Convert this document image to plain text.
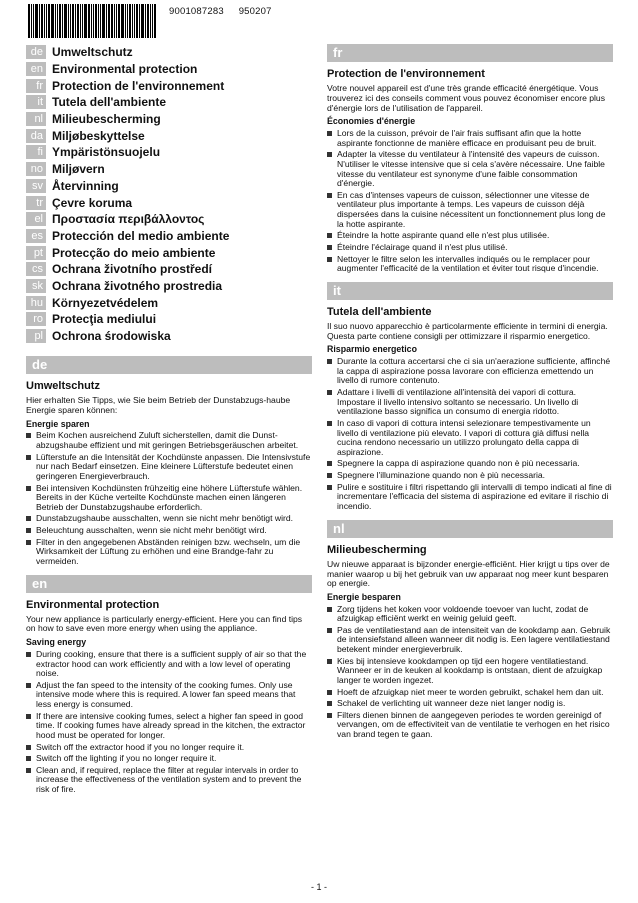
9001087283 950207
de Umweltschutz
en Environmental protection
fr Protection de l'environnement
it Tutela dell'ambiente
nl Milieubescherming
da Miljøbeskyttelse
fi Ympäristönsuojelu
no Miljøvern
sv Återvinning
tr Çevre koruma
el Προστασία περιβάλλοντος
es Protección del medio ambiente
pt Protecção do meio ambiente
cs Ochrana životního prostředí
sk Ochrana životného prostredia
hu Környezetvédelem
ro Protecţia mediului
pl Ochrona środowiska
de
Umweltschutz
Hier erhalten Sie Tipps, wie Sie beim Betrieb der Dunstabzugs-haube Energie sparen können:
Energie sparen
Beim Kochen ausreichend Zuluft sicherstellen, damit die Dunst-abzugshaube effizient und mit geringen Betriebsgeräuschen arbeitet.
Lüfterstufe an die Intensität der Kochdünste anpassen. Die Intensivstufe nur nach Bedarf einsetzen. Eine kleinere Lüfterstufe bedeutet einen geringeren Energieverbrauch.
Bei intensiven Kochdünsten frühzeitig eine höhere Lüfterstufe wählen. Bereits in der Küche verteilte Kochdünste machen einen längeren Betrieb der Dunstabzugshaube erforderlich.
Dunstabzugshaube ausschalten, wenn sie nicht mehr benötigt wird.
Beleuchtung ausschalten, wenn sie nicht mehr benötigt wird.
Filter in den angegebenen Abständen reinigen bzw. wechseln, um die Wirksamkeit der Lüftung zu erhöhen und eine Brandge-fahr zu vermeiden.
en
Environmental protection
Your new appliance is particularly energy-efficient. Here you can find tips on how to save even more energy when using the appliance.
Saving energy
During cooking, ensure that there is a sufficient supply of air so that the extractor hood can work efficiently and with a low level of operating noise.
Adjust the fan speed to the intensity of the cooking fumes. Only use intensive mode where this is required. A lower fan speed means that less energy is consumed.
If there are intensive cooking fumes, select a higher fan speed in good time. If cooking fumes have already spread in the kitchen, the extractor hood must be operated for longer.
Switch off the extractor hood if you no longer require it.
Switch off the lighting if you no longer require it.
Clean and, if required, replace the filter at regular intervals in order to increase the effectiveness of the ventilation system and to prevent the risk of fire.
fr
Protection de l'environnement
Votre nouvel appareil est d'une très grande efficacité énergétique. Vous trouverez ici des conseils comment vous pouvez économiser encore plus d'énergie lors de l'utilisation de l'appareil.
Économies d'énergie
Lors de la cuisson, prévoir de l'air frais suffisant afin que la hotte aspirante fonctionne de manière efficace en produisant peu de bruit.
Adapter la vitesse du ventilateur à l'intensité des vapeurs de cuisson. N'utiliser le vitesse intensive que si cela s'avère nécessaire. Une faible vitesse du ventilateur est synonyme d'une faible consommation d'énergie.
En cas d'intenses vapeurs de cuisson, sélectionner une vitesse de ventilateur plus importante à temps. Les vapeurs de cuisson déjà dispersées dans la cuisine nécessitent un fonctionnement plus long de la hotte aspirante.
Éteindre la hotte aspirante quand elle n'est plus utilisée.
Éteindre l'éclairage quand il n'est plus utilisé.
Nettoyer le filtre selon les intervalles indiqués ou le remplacer pour augmenter l'efficacité de la ventilation et éviter tout risque d'incendie.
it
Tutela dell'ambiente
Il suo nuovo apparecchio è particolarmente efficiente in termini di energia. Questa parte contiene consigli per ottimizzare il risparmio energetico.
Risparmio energetico
Durante la cottura accertarsi che ci sia un'aerazione sufficiente, affinché la cappa di aspirazione possa lavorare con efficienza emettendo un livello di rumore contenuto.
Adattare i livelli di ventilazione all'intensità dei vapori di cottura. Impostare il livello intensivo soltanto se necessario. Un livello di ventilazione basso significa un consumo di energia ridotto.
In caso di vapori di cottura intensi selezionare tempestivamente un livello di ventilazione più elevato. I vapori di cottura già diffusi nella cucina rendono necessario un utilizzo prolungato della cappa di aspirazione.
Spegnere la cappa di aspirazione quando non è più necessaria.
Spegnere l'illuminazione quando non è più necessaria.
Pulire e sostituire i filtri rispettando gli intervalli di tempo indicati al fine di incrementare l'efficacia del sistema di aspirazione ed evitare il rischio di incendio.
nl
Milieubescherming
Uw nieuwe apparaat is bijzonder energie-efficiënt. Hier krijgt u tips over de manier waarop u bij het gebruik van uw apparaat nog meer kunt besparen op energie.
Energie besparen
Zorg tijdens het koken voor voldoende toevoer van lucht, zodat de afzuigkap efficiënt werkt en weinig geluid geeft.
Pas de ventilatiestand aan de intensiteit van de kookdamp aan. Gebruik de intensiefstand alleen wanneer dit nodig is. Een lagere ventilatiestand betekent minder energieverbruik.
Kies bij intensieve kookdampen op tijd een hogere ventilatiestand. Wanneer er in de keuken al kookdamp is ontstaan, dient de afzuigkap langer te worden ingezet.
Hoeft de afzuigkap niet meer te worden gebruikt, schakel hem dan uit.
Schakel de verlichting uit wanneer deze niet langer nodig is.
Filters dienen binnen de aangegeven periodes te worden gereinigd of vervangen, om de effectiviteit van de ventilatie te verhogen en het risico van brand tegen te gaan.
- 1 -
